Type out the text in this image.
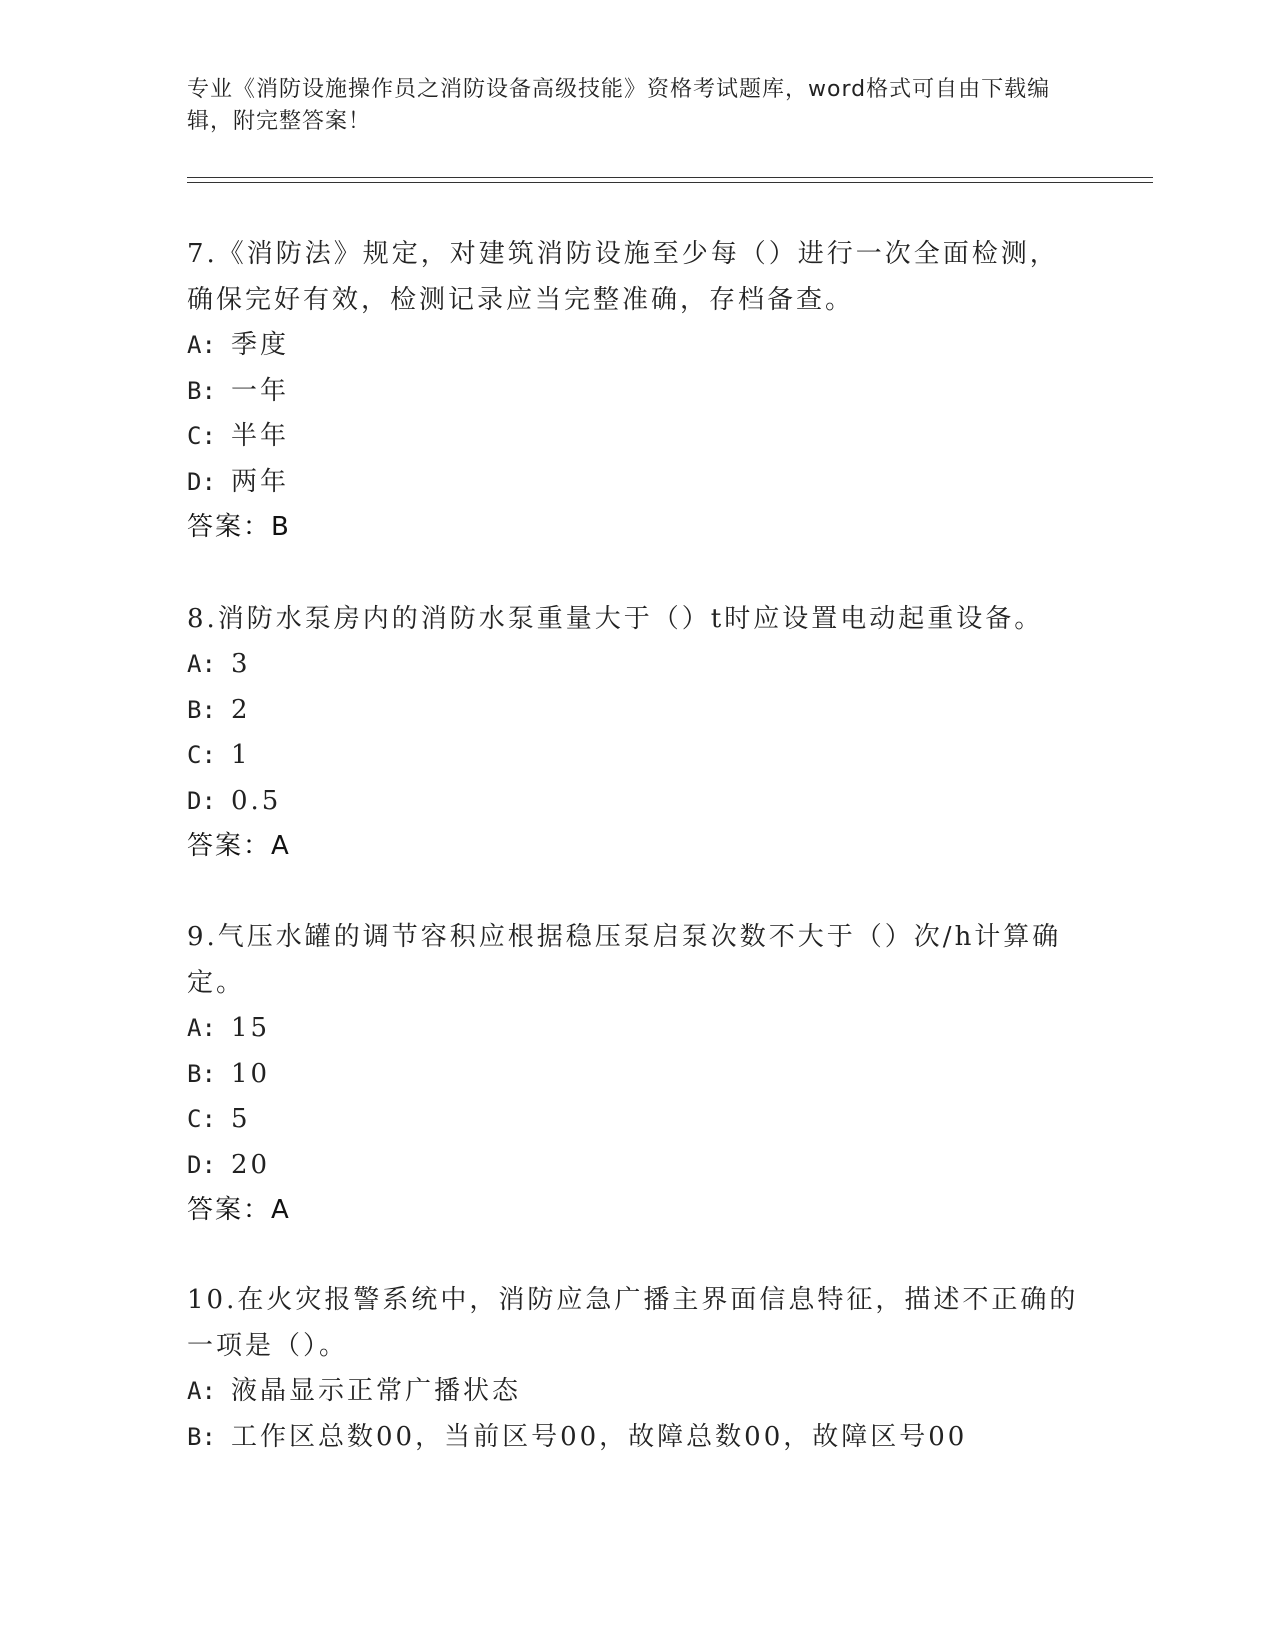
专业《消防设施操作员之消防设备高级技能》资格考试题库，word格式可自由下载编辑，附完整答案！
7.《消防法》规定，对建筑消防设施至少每（）进行一次全面检测，确保完好有效，检测记录应当完整准确，存档备查。
A: 季度
B: 一年
C: 半年
D: 两年
答案：B
8.消防水泵房内的消防水泵重量大于（）t时应设置电动起重设备。
A: 3
B: 2
C: 1
D: 0.5
答案：A
9.气压水罐的调节容积应根据稳压泵启泵次数不大于（）次/h计算确定。
A: 15
B: 10
C: 5
D: 20
答案：A
10.在火灾报警系统中，消防应急广播主界面信息特征，描述不正确的一项是（）。
A: 液晶显示正常广播状态
B: 工作区总数00，当前区号00，故障总数00，故障区号00
